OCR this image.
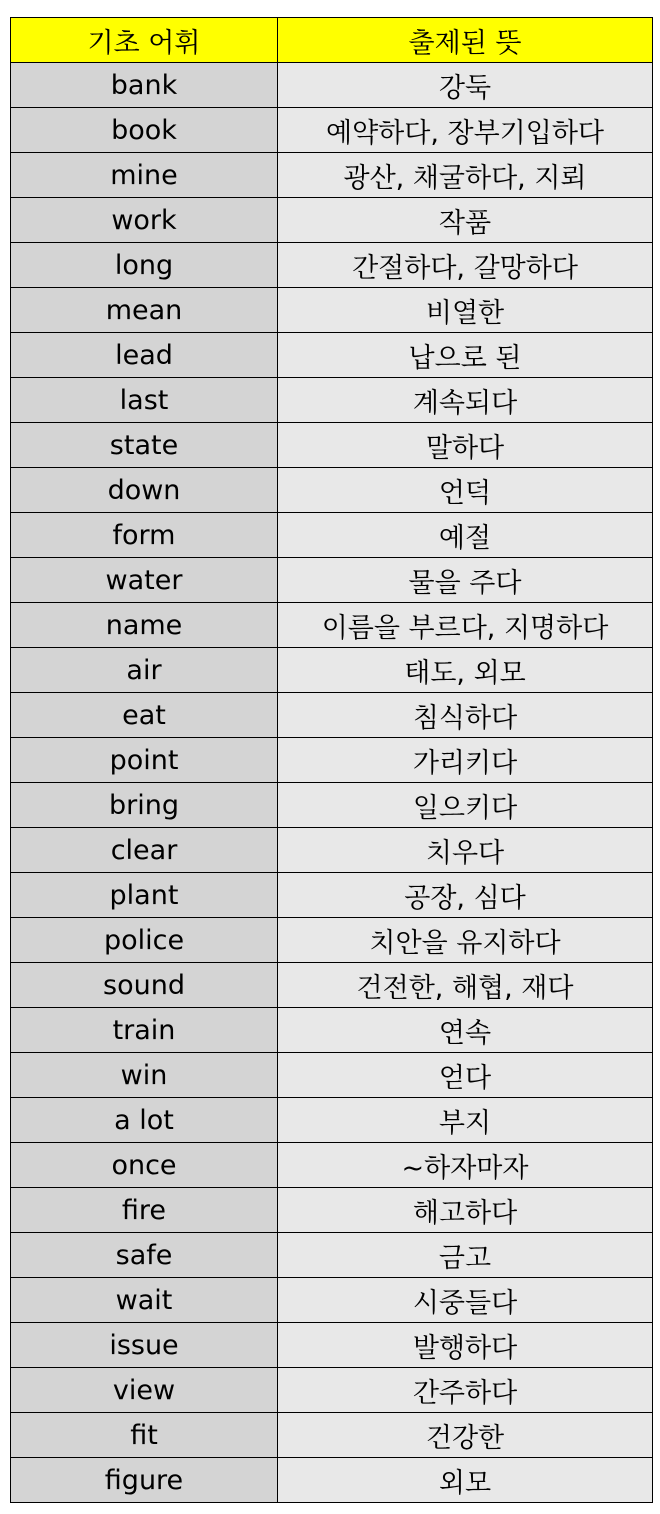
기초 어휘	출제된 뜻
bank	강둑
book	예약하다, 장부기입하다
mine	광산, 채굴하다, 지뢰
work	작품
long	간절하다, 갈망하다
mean	비열한
lead	납으로 된
last	계속되다
state	말하다
down	언덕
form	예절
water	물을 주다
name	이름을 부르다, 지명하다
air	태도, 외모
eat	침식하다
point	가리키다
bring	일으키다
clear	치우다
plant	공장, 심다
police	치안을 유지하다
sound	건전한, 해협, 재다
train	연속
win	얻다
a lot	부지
once	~하자마자
fire	해고하다
safe	금고
wait	시중들다
issue	발행하다
view	간주하다
fit	건강한
figure	외모
